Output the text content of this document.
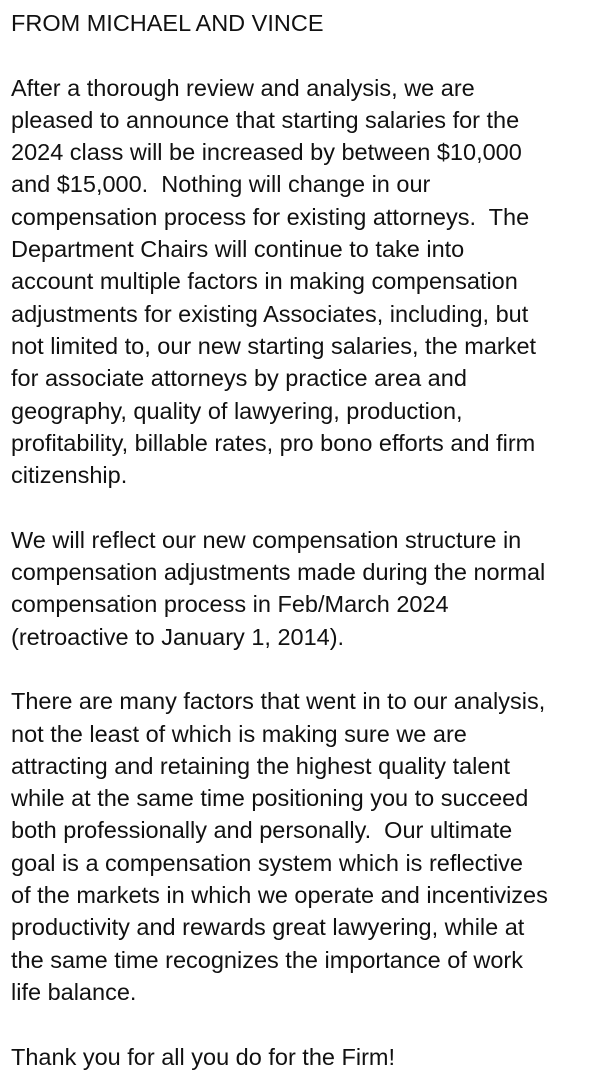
FROM MICHAEL AND VINCE
After a thorough review and analysis, we are
pleased to announce that starting salaries for the
2024 class will be increased by between $10,000
and $15,000.  Nothing will change in our
compensation process for existing attorneys.  The
Department Chairs will continue to take into
account multiple factors in making compensation
adjustments for existing Associates, including, but
not limited to, our new starting salaries, the market
for associate attorneys by practice area and
geography, quality of lawyering, production,
profitability, billable rates, pro bono efforts and firm
citizenship.
We will reflect our new compensation structure in
compensation adjustments made during the normal
compensation process in Feb/March 2024
(retroactive to January 1, 2014).
There are many factors that went in to our analysis,
not the least of which is making sure we are
attracting and retaining the highest quality talent
while at the same time positioning you to succeed
both professionally and personally.  Our ultimate
goal is a compensation system which is reflective
of the markets in which we operate and incentivizes
productivity and rewards great lawyering, while at
the same time recognizes the importance of work
life balance.
Thank you for all you do for the Firm!
